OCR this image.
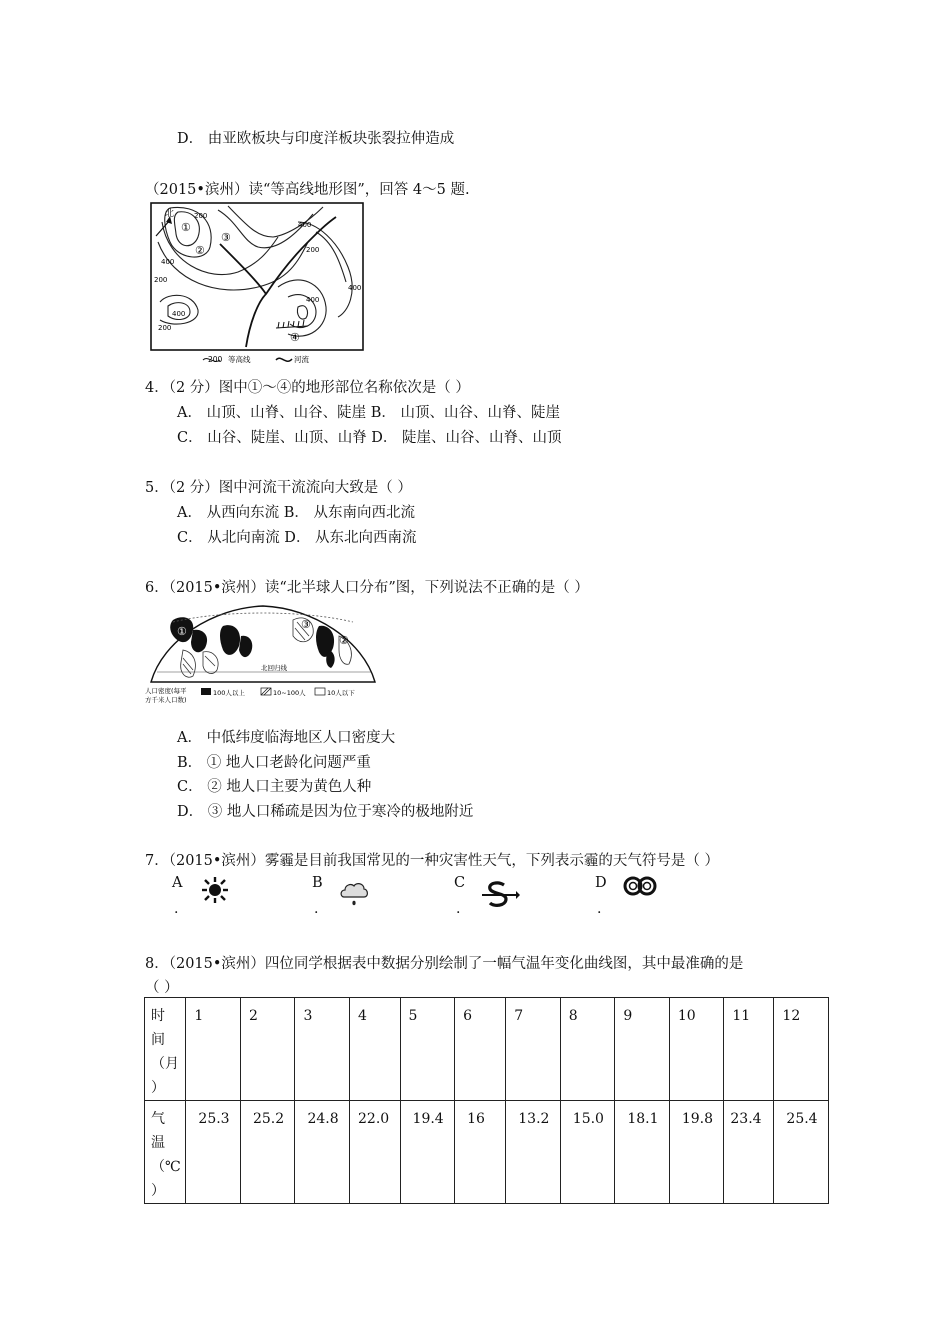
D． 由亚欧板块与印度洋板块张裂拉伸造成
（2015•滨州）读“等高线地形图”，回答 4～5 题.
北
①
②
③
④
200
400
200
400
200
400
400
400
200
200 等高线	河流
4．（2 分）图中①～④的地形部位名称依次是（ ）
A． 山顶、山脊、山谷、陡崖 B． 山顶、山谷、山脊、陡崖
C． 山谷、陡崖、山顶、山脊 D． 陡崖、山谷、山脊、山顶
5．（2 分）图中河流干流流向大致是（ ）
A． 从西向东流 B． 从东南向西北流
C． 从北向南流 D． 从东北向西南流
6．（2015•滨州）读“北半球人口分布”图，下列说法不正确的是（ ）
北回归线
①
②
③
人口密度(每平
方千米人口数)
100人以上	10~100人	10人以下
A． 中低纬度临海地区人口密度大
B． ① 地人口老龄化问题严重
C． ② 地人口主要为黄色人种
D． ③ 地人口稀疏是因为位于寒冷的极地附近
7．（2015•滨州）雾霾是目前我国常见的一种灾害性天气，下列表示霾的天气符号是（ ）
A
.
B
.
C
.
D
.
8．（2015•滨州）四位同学根据表中数据分别绘制了一幅气温年变化曲线图，其中最准确的是
（ ）
时
间
（月
）	1	2	3	4	5	6	7	8	9	10	11	12

气
温
（℃
）	25.3	25.2	24.8	22.0	19.4	16	13.2	15.0	18.1	19.8	23.4	25.4
